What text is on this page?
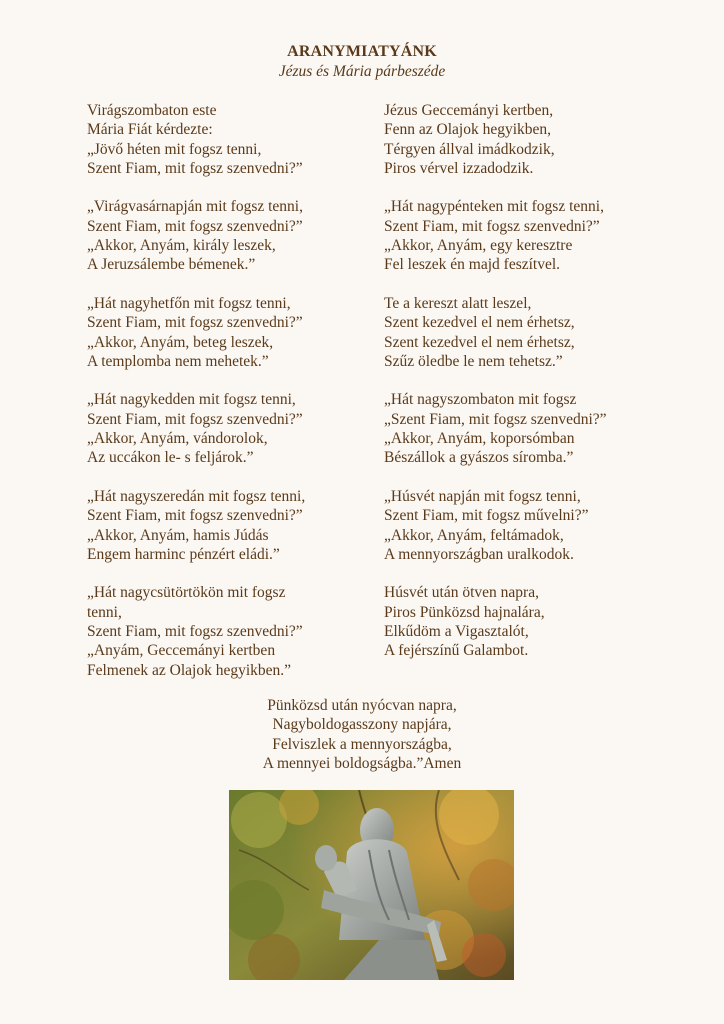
ARANYMIATYÁNK
Jézus és Mária párbeszéde
Virágszombaton este
Mária Fiát kérdezte:
„Jövő héten mit fogsz tenni,
Szent Fiam, mit fogsz szenvedni?”
„Virágvasárnapján mit fogsz tenni,
Szent Fiam, mit fogsz szenvedni?”
„Akkor, Anyám, király leszek,
A Jeruzsálembe bémenek.”
„Hát nagyhetfőn mit fogsz tenni,
Szent Fiam, mit fogsz szenvedni?”
„Akkor, Anyám, beteg leszek,
A templomba nem mehetek.”
„Hát nagykedden mit fogsz tenni,
Szent Fiam, mit fogsz szenvedni?”
„Akkor, Anyám, vándorolok,
Az uccákon le- s feljárok.”
„Hát nagyszeredán mit fogsz tenni,
Szent Fiam, mit fogsz szenvedni?”
„Akkor, Anyám, hamis Júdás
Engem harminc pénzért eládi.”
„Hát nagycsütörtökön mit fogsz
tenni,
Szent Fiam, mit fogsz szenvedni?”
„Anyám, Geccemányi kertben
Felmenek az Olajok hegyikben.”
Jézus Geccemányi kertben,
Fenn az Olajok hegyikben,
Térgyen állval imádkodzik,
Piros vérvel izzadodzik.
„Hát nagypénteken mit fogsz tenni,
Szent Fiam, mit fogsz szenvedni?”
„Akkor, Anyám, egy keresztre
Fel leszek én majd feszítvel.
Te a kereszt alatt leszel,
Szent kezedvel el nem érhetsz,
Szent kezedvel el nem érhetsz,
Szűz öledbe le nem tehetsz.”
„Hát nagyszombaton mit fogsz
„Szent Fiam, mit fogsz szenvedni?”
„Akkor, Anyám, koporsómban
Bészállok a gyászos síromba.”
„Húsvét napján mit fogsz tenni,
Szent Fiam, mit fogsz művelni?”
„Akkor, Anyám, feltámadok,
A mennyországban uralkodok.
Húsvét után ötven napra,
Piros Pünközsd hajnalára,
Elkűdöm a Vigasztalót,
A fejérszínű Galambot.
Pünközsd után nyócvan napra,
Nagyboldogasszony napjára,
Felviszlek a mennyországba,
A mennyei boldogságba.”Amen
